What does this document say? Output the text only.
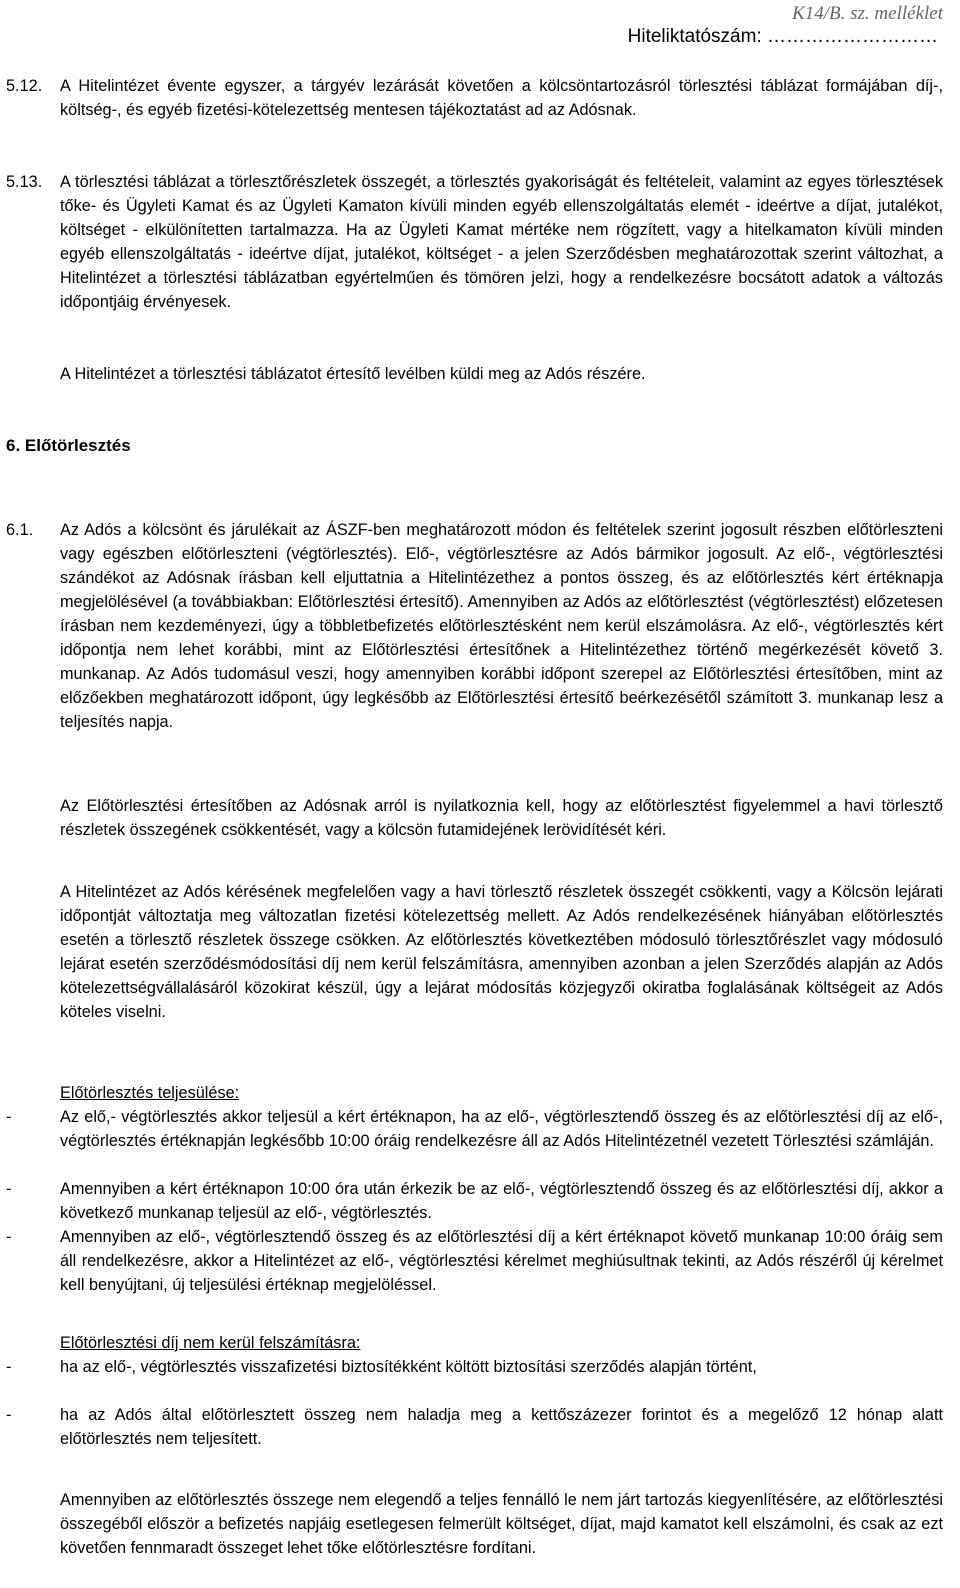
K14/B. sz. melléklet
Hiteliktatószám: ………………………
5.12. A Hitelintézet évente egyszer, a tárgyév lezárását követően a kölcsöntartozásról törlesztési táblázat formájában díj-, költség-, és egyéb fizetési-kötelezettség mentesen tájékoztatást ad az Adósnak.
5.13. A törlesztési táblázat a törlesztőrészletek összegét, a törlesztés gyakoriságát és feltételeit, valamint az egyes törlesztések tőke- és Ügyleti Kamat és az Ügyleti Kamaton kívüli minden egyéb ellenszolgáltatás elemét - ideértve a díjat, jutalékot, költséget - elkülönítetten tartalmazza. Ha az Ügyleti Kamat mértéke nem rögzített, vagy a hitelkamaton kívüli minden egyéb ellenszolgáltatás - ideértve díjat, jutalékot, költséget - a jelen Szerződésben meghatározottak szerint változhat, a Hitelintézet a törlesztési táblázatban egyértelműen és tömören jelzi, hogy a rendelkezésre bocsátott adatok a változás időpontjáig érvényesek.
A Hitelintézet a törlesztési táblázatot értesítő levélben küldi meg az Adós részére.
6. Előtörlesztés
6.1. Az Adós a kölcsönt és járulékait az ÁSZF-ben meghatározott módon és feltételek szerint jogosult részben előtörleszteni vagy egészben előtörleszteni (végtörlesztés). Elő-, végtörlesztésre az Adós bármikor jogosult. Az elő-, végtörlesztési szándékot az Adósnak írásban kell eljuttatnia a Hitelintézethez a pontos összeg, és az előtörlesztés kért értéknapja megjelölésével (a továbbiakban: Előtörlesztési értesítő). Amennyiben az Adós az előtörlesztést (végtörlesztést) előzetesen írásban nem kezdeményezi, úgy a többletbefizetés előtörlesztésként nem kerül elszámolásra. Az elő-, végtörlesztés kért időpontja nem lehet korábbi, mint az Előtörlesztési értesítőnek a Hitelintézethez történő megérkezését követő 3. munkanap. Az Adós tudomásul veszi, hogy amennyiben korábbi időpont szerepel az Előtörlesztési értesítőben, mint az előzőekben meghatározott időpont, úgy legkésőbb az Előtörlesztési értesítő beérkezésétől számított 3. munkanap lesz a teljesítés napja.
Az Előtörlesztési értesítőben az Adósnak arról is nyilatkoznia kell, hogy az előtörlesztést figyelemmel a havi törlesztő részletek összegének csökkentését, vagy a kölcsön futamidejének lerövidítését kéri.
A Hitelintézet az Adós kérésének megfelelően vagy a havi törlesztő részletek összegét csökkenti, vagy a Kölcsön lejárati időpontját változtatja meg változatlan fizetési kötelezettség mellett. Az Adós rendelkezésének hiányában előtörlesztés esetén a törlesztő részletek összege csökken. Az előtörlesztés következtében módosuló törlesztőrészlet vagy módosuló lejárat esetén szerződésmódosítási díj nem kerül felszámításra, amennyiben azonban a jelen Szerződés alapján az Adós kötelezettségvállalásáról közokirat készül, úgy a lejárat módosítás közjegyzői okiratba foglalásának költségeit az Adós köteles viselni.
Előtörlesztés teljesülése:
-	Az elő,- végtörlesztés akkor teljesül a kért értéknapon, ha az elő-, végtörlesztendő összeg és az előtörlesztési díj az elő-, végtörlesztés értéknapján legkésőbb 10:00 óráig rendelkezésre áll az Adós Hitelintézetnél vezetett Törlesztési számláján.
-	Amennyiben a kért értéknapon 10:00 óra után érkezik be az elő-, végtörlesztendő összeg és az előtörlesztési díj, akkor a következő munkanap teljesül az elő-, végtörlesztés.
-	Amennyiben az elő-, végtörlesztendő összeg és az előtörlesztési díj a kért értéknapot követő munkanap 10:00 óráig sem áll rendelkezésre, akkor a Hitelintézet az elő-, végtörlesztési kérelmet meghiúsultnak tekinti, az Adós részéről új kérelmet kell benyújtani, új teljesülési értéknap megjelöléssel.
Előtörlesztési díj nem kerül felszámításra:
-	ha az elő-, végtörlesztés visszafizetési biztosítékként költött biztosítási szerződés alapján történt,
-	ha az Adós által előtörlesztett összeg nem haladja meg a kettőszázezer forintot és a megelőző 12 hónap alatt előtörlesztés nem teljesített.
Amennyiben az előtörlesztés összege nem elegendő a teljes fennálló le nem járt tartozás kiegyenlítésére, az előtörlesztési összegéből először a befizetés napjáig esetlegesen felmerült költséget, díjat, majd kamatot kell elszámolni, és csak az ezt követően fennmaradt összeget lehet tőke előtörlesztésre fordítani.
